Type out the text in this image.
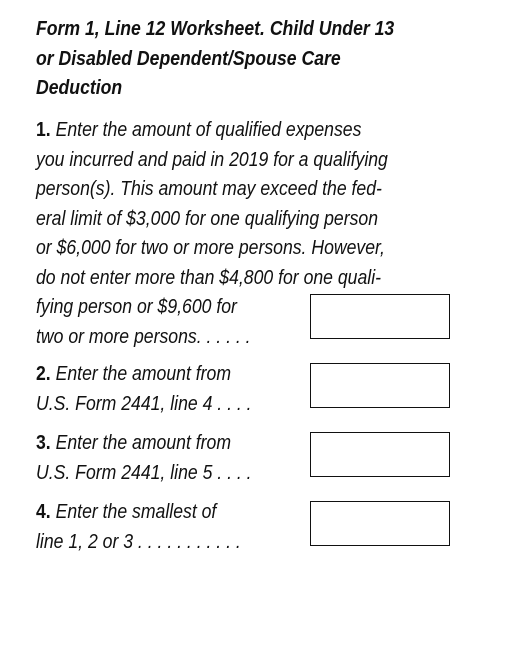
Form 1, Line 12 Worksheet. Child Under 13
or Disabled Dependent/Spouse Care
Deduction
1. Enter the amount of qualified expenses
you incurred and paid in 2019 for a qualifying
person(s). This amount may exceed the fed-
eral limit of $3,000 for one qualifying person
or $6,000 for two or more persons. However,
do not enter more than $4,800 for one quali-
fying person or $9,600 for
two or more persons. . . . . .
2. Enter the amount from
U.S. Form 2441, line 4 . . . .
3. Enter the amount from
U.S. Form 2441, line 5 . . . .
4. Enter the smallest of
line 1, 2 or 3 . . . . . . . . . . .
